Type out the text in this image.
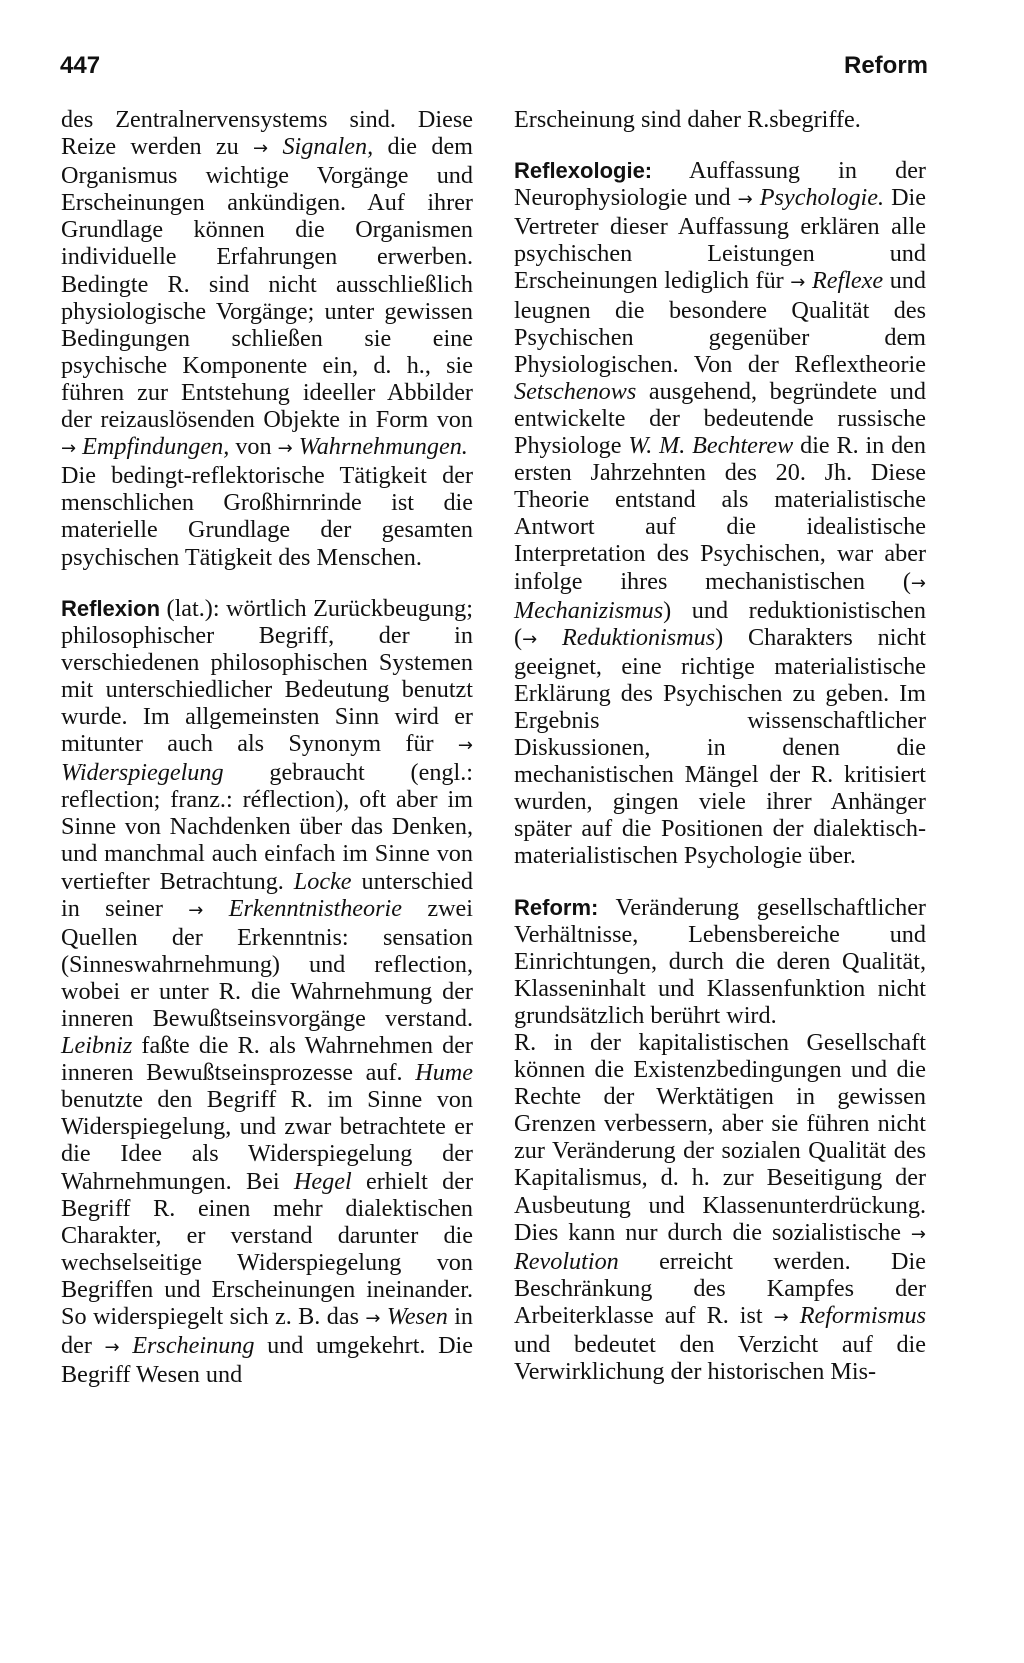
447	Reform

des Zentralnervensystems sind. Diese Reize werden zu → Signalen, die dem Organismus wichtige Vorgänge und Erscheinungen ankündigen. Auf ihrer Grundlage können die Organismen individuelle Erfahrungen erwerben. Bedingte R. sind nicht ausschließlich physiologische Vorgänge; unter gewissen Bedingungen schließen sie eine psychische Komponente ein, d. h., sie führen zur Entstehung ideeller Abbilder der reizauslösenden Objekte in Form von → Empfindungen, von → Wahrnehmungen.

Die bedingt-reflektorische Tätigkeit der menschlichen Großhirnrinde ist die materielle Grundlage der gesamten psychischen Tätigkeit des Menschen.

Reflexion (lat.): wörtlich Zurückbeugung; philosophischer Begriff, der in verschiedenen philosophischen Systemen mit unterschiedlicher Bedeutung benutzt wurde. Im allgemeinsten Sinn wird er mitunter auch als Synonym für → Widerspiegelung gebraucht (engl.: reflection; franz.: réflection), oft aber im Sinne von Nachdenken über das Denken, und manchmal auch einfach im Sinne von vertiefter Betrachtung. Locke unterschied in seiner → Erkenntnistheorie zwei Quellen der Erkenntnis: sensation (Sinneswahrnehmung) und reflection, wobei er unter R. die Wahrnehmung der inneren Bewußtseinsvorgänge verstand. Leibniz faßte die R. als Wahrnehmen der inneren Bewußtseinsprozesse auf. Hume benutzte den Begriff R. im Sinne von Widerspiegelung, und zwar betrachtete er die Idee als Widerspiegelung der Wahrnehmungen. Bei Hegel erhielt der Begriff R. einen mehr dialektischen Charakter, er verstand darunter die wechselseitige Widerspiegelung von Begriffen und Erscheinungen ineinander. So widerspiegelt sich z. B. das → Wesen in der → Erscheinung und umgekehrt. Die Begriff Wesen und

Erscheinung sind daher R.sbegriffe.

Reflexologie: Auffassung in der Neurophysiologie und → Psychologie. Die Vertreter dieser Auffassung erklären alle psychischen Leistungen und Erscheinungen lediglich für → Reflexe und leugnen die besondere Qualität des Psychischen gegenüber dem Physiologischen. Von der Reflextheorie Setschenows ausgehend, begründete und entwickelte der bedeutende russische Physiologe W. M. Bechterew die R. in den ersten Jahrzehnten des 20. Jh. Diese Theorie entstand als materialistische Antwort auf die idealistische Interpretation des Psychischen, war aber infolge ihres mechanistischen (→ Mechanizismus) und reduktionistischen (→ Reduktionismus) Charakters nicht geeignet, eine richtige materialistische Erklärung des Psychischen zu geben. Im Ergebnis wissenschaftlicher Diskussionen, in denen die mechanistischen Mängel der R. kritisiert wurden, gingen viele ihrer Anhänger später auf die Positionen der dialektisch-materialistischen Psychologie über.

Reform: Veränderung gesellschaftlicher Verhältnisse, Lebensbereiche und Einrichtungen, durch die deren Qualität, Klasseninhalt und Klassenfunktion nicht grundsätzlich berührt wird.

R. in der kapitalistischen Gesellschaft können die Existenzbedingungen und die Rechte der Werktätigen in gewissen Grenzen verbessern, aber sie führen nicht zur Veränderung der sozialen Qualität des Kapitalismus, d. h. zur Beseitigung der Ausbeutung und Klassenunterdrückung. Dies kann nur durch die sozialistische → Revolution erreicht werden. Die Beschränkung des Kampfes der Arbeiterklasse auf R. ist → Reformismus und bedeutet den Verzicht auf die Verwirklichung der historischen Mis-
